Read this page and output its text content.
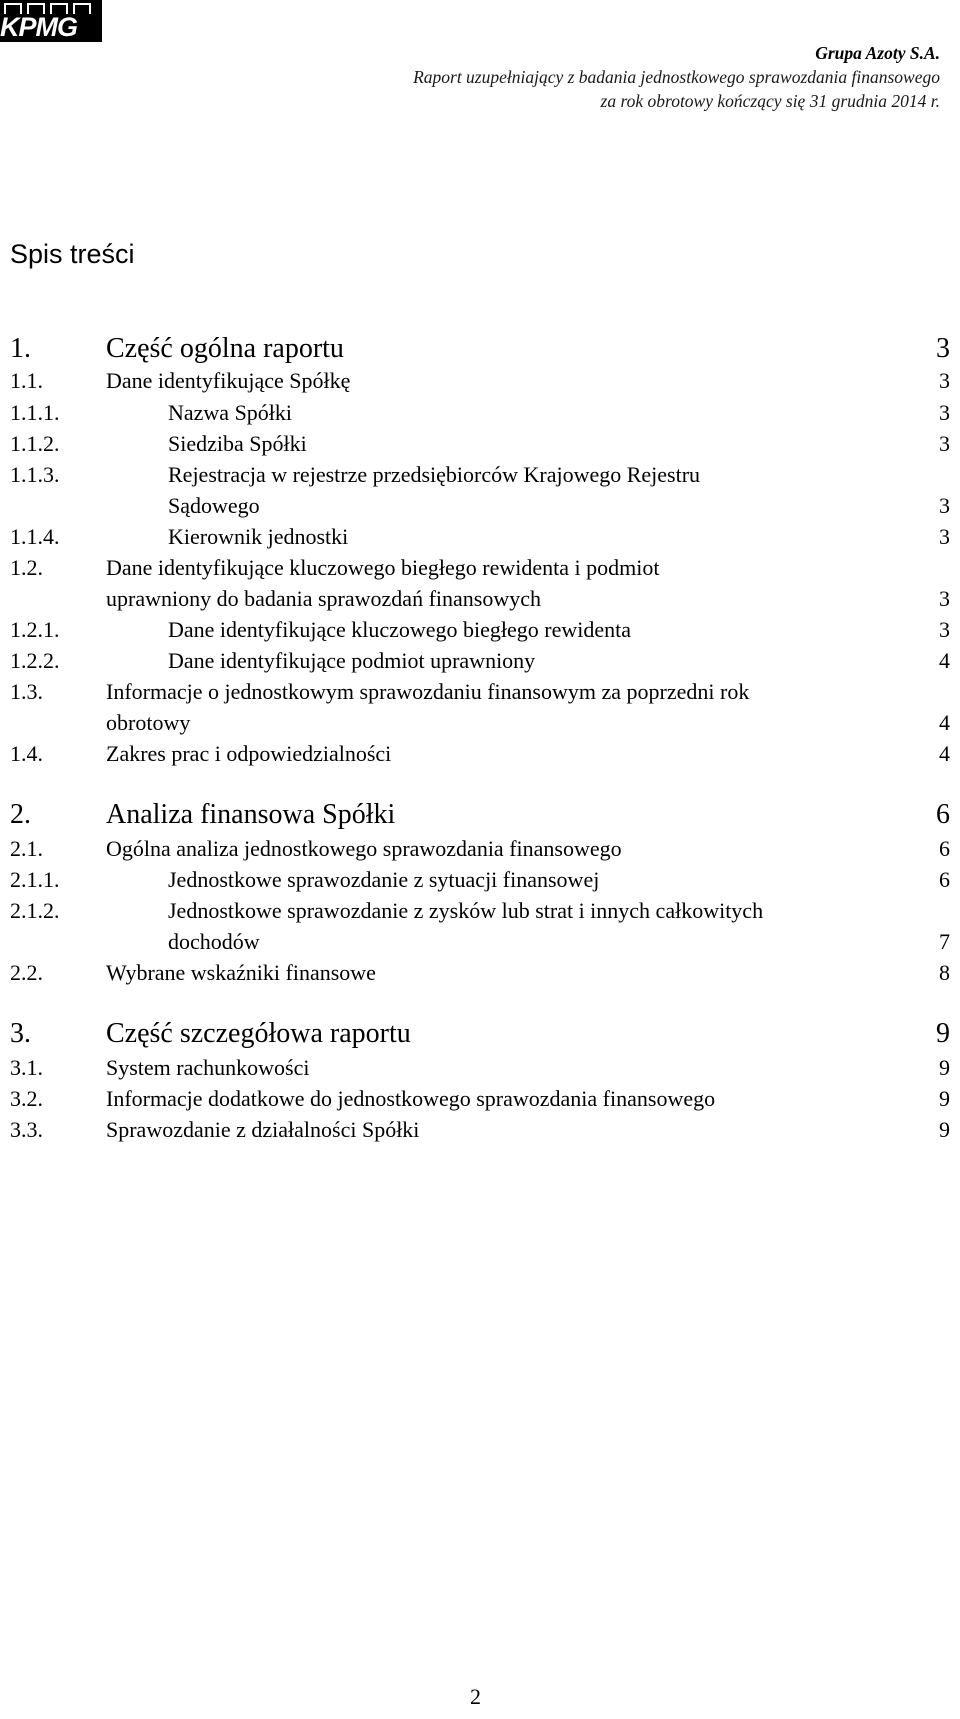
KPMG
Grupa Azoty S.A.
Raport uzupełniający z badania jednostkowego sprawozdania finansowego
za rok obrotowy kończący się 31 grudnia 2014 r.
Spis treści
1.	Część ogólna raportu	3
1.1.	Dane identyfikujące Spółkę	3
1.1.1.	Nazwa Spółki	3
1.1.2.	Siedziba Spółki	3
1.1.3.	Rejestracja w rejestrze przedsiębiorców Krajowego Rejestru
Sądowego	3
1.1.4.	Kierownik jednostki	3
1.2.	Dane identyfikujące kluczowego biegłego rewidenta i podmiot
uprawniony do badania sprawozdań finansowych	3
1.2.1.	Dane identyfikujące kluczowego biegłego rewidenta	3
1.2.2.	Dane identyfikujące podmiot uprawniony	4
1.3.	Informacje o jednostkowym sprawozdaniu finansowym za poprzedni rok
obrotowy	4
1.4.	Zakres prac i odpowiedzialności	4
2.	Analiza finansowa Spółki	6
2.1.	Ogólna analiza jednostkowego sprawozdania finansowego	6
2.1.1.	Jednostkowe sprawozdanie z sytuacji finansowej	6
2.1.2.	Jednostkowe sprawozdanie z zysków lub strat i innych całkowitych
dochodów	7
2.2.	Wybrane wskaźniki finansowe	8
3.	Część szczegółowa raportu	9
3.1.	System rachunkowości	9
3.2.	Informacje dodatkowe do jednostkowego sprawozdania finansowego	9
3.3.	Sprawozdanie z działalności Spółki	9
2
